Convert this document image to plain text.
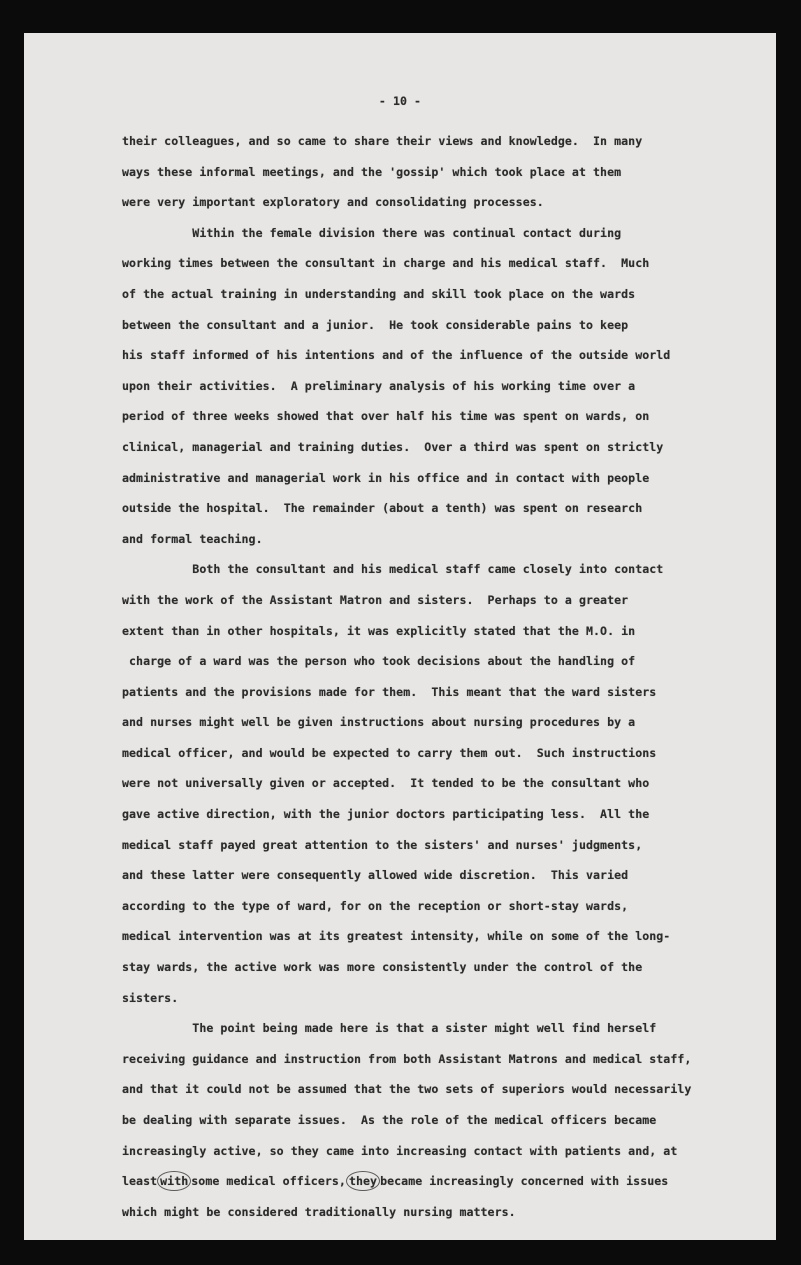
- 10 -
their colleagues, and so came to share their views and knowledge.  In many
ways these informal meetings, and the 'gossip' which took place at them
were very important exploratory and consolidating processes.
Within the female division there was continual contact during
working times between the consultant in charge and his medical staff.  Much
of the actual training in understanding and skill took place on the wards
between the consultant and a junior.  He took considerable pains to keep
his staff informed of his intentions and of the influence of the outside world
upon their activities.  A preliminary analysis of his working time over a
period of three weeks showed that over half his time was spent on wards, on
clinical, managerial and training duties.  Over a third was spent on strictly
administrative and managerial work in his office and in contact with people
outside the hospital.  The remainder (about a tenth) was spent on research
and formal teaching.
Both the consultant and his medical staff came closely into contact
with the work of the Assistant Matron and sisters.  Perhaps to a greater
extent than in other hospitals, it was explicitly stated that the M.O. in
charge of a ward was the person who took decisions about the handling of
patients and the provisions made for them.  This meant that the ward sisters
and nurses might well be given instructions about nursing procedures by a
medical officer, and would be expected to carry them out.  Such instructions
were not universally given or accepted.  It tended to be the consultant who
gave active direction, with the junior doctors participating less.  All the
medical staff payed great attention to the sisters' and nurses' judgments,
and these latter were consequently allowed wide discretion.  This varied
according to the type of ward, for on the reception or short-stay wards,
medical intervention was at its greatest intensity, while on some of the long-
stay wards, the active work was more consistently under the control of the
sisters.
The point being made here is that a sister might well find herself
receiving guidance and instruction from both Assistant Matrons and medical staff,
and that it could not be assumed that the two sets of superiors would necessarily
be dealing with separate issues.  As the role of the medical officers became
increasingly active, so they came into increasing contact with patients and, at
least with some medical officers, they became increasingly concerned with issues
which might be considered traditionally nursing matters.
